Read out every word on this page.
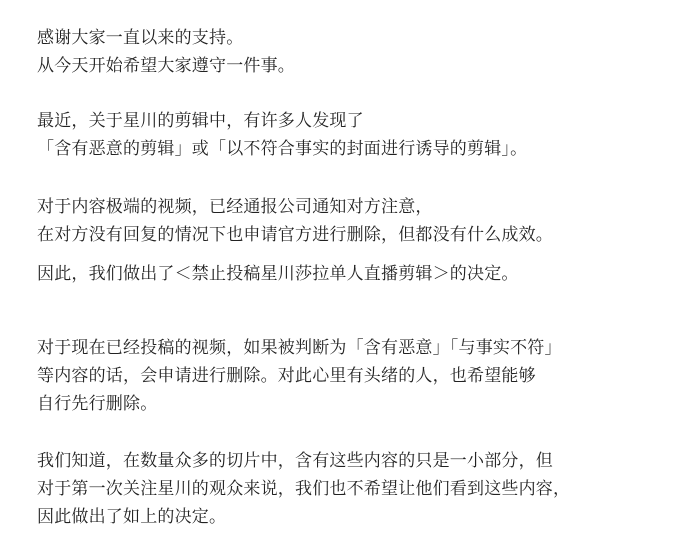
感谢大家一直以来的支持。
从今天开始希望大家遵守一件事。
最近，关于星川的剪辑中，有许多人发现了
「含有恶意的剪辑」或「以不符合事实的封面进行诱导的剪辑」。
对于内容极端的视频，已经通报公司通知对方注意，
在对方没有回复的情况下也申请官方进行删除，但都没有什么成效。
因此，我们做出了＜禁止投稿星川莎拉单人直播剪辑＞的决定。
对于现在已经投稿的视频，如果被判断为「含有恶意」「与事实不符」
等内容的话，会申请进行删除。对此心里有头绪的人，也希望能够
自行先行删除。
我们知道，在数量众多的切片中，含有这些内容的只是一小部分，但
对于第一次关注星川的观众来说，我们也不希望让他们看到这些内容，
因此做出了如上的决定。
